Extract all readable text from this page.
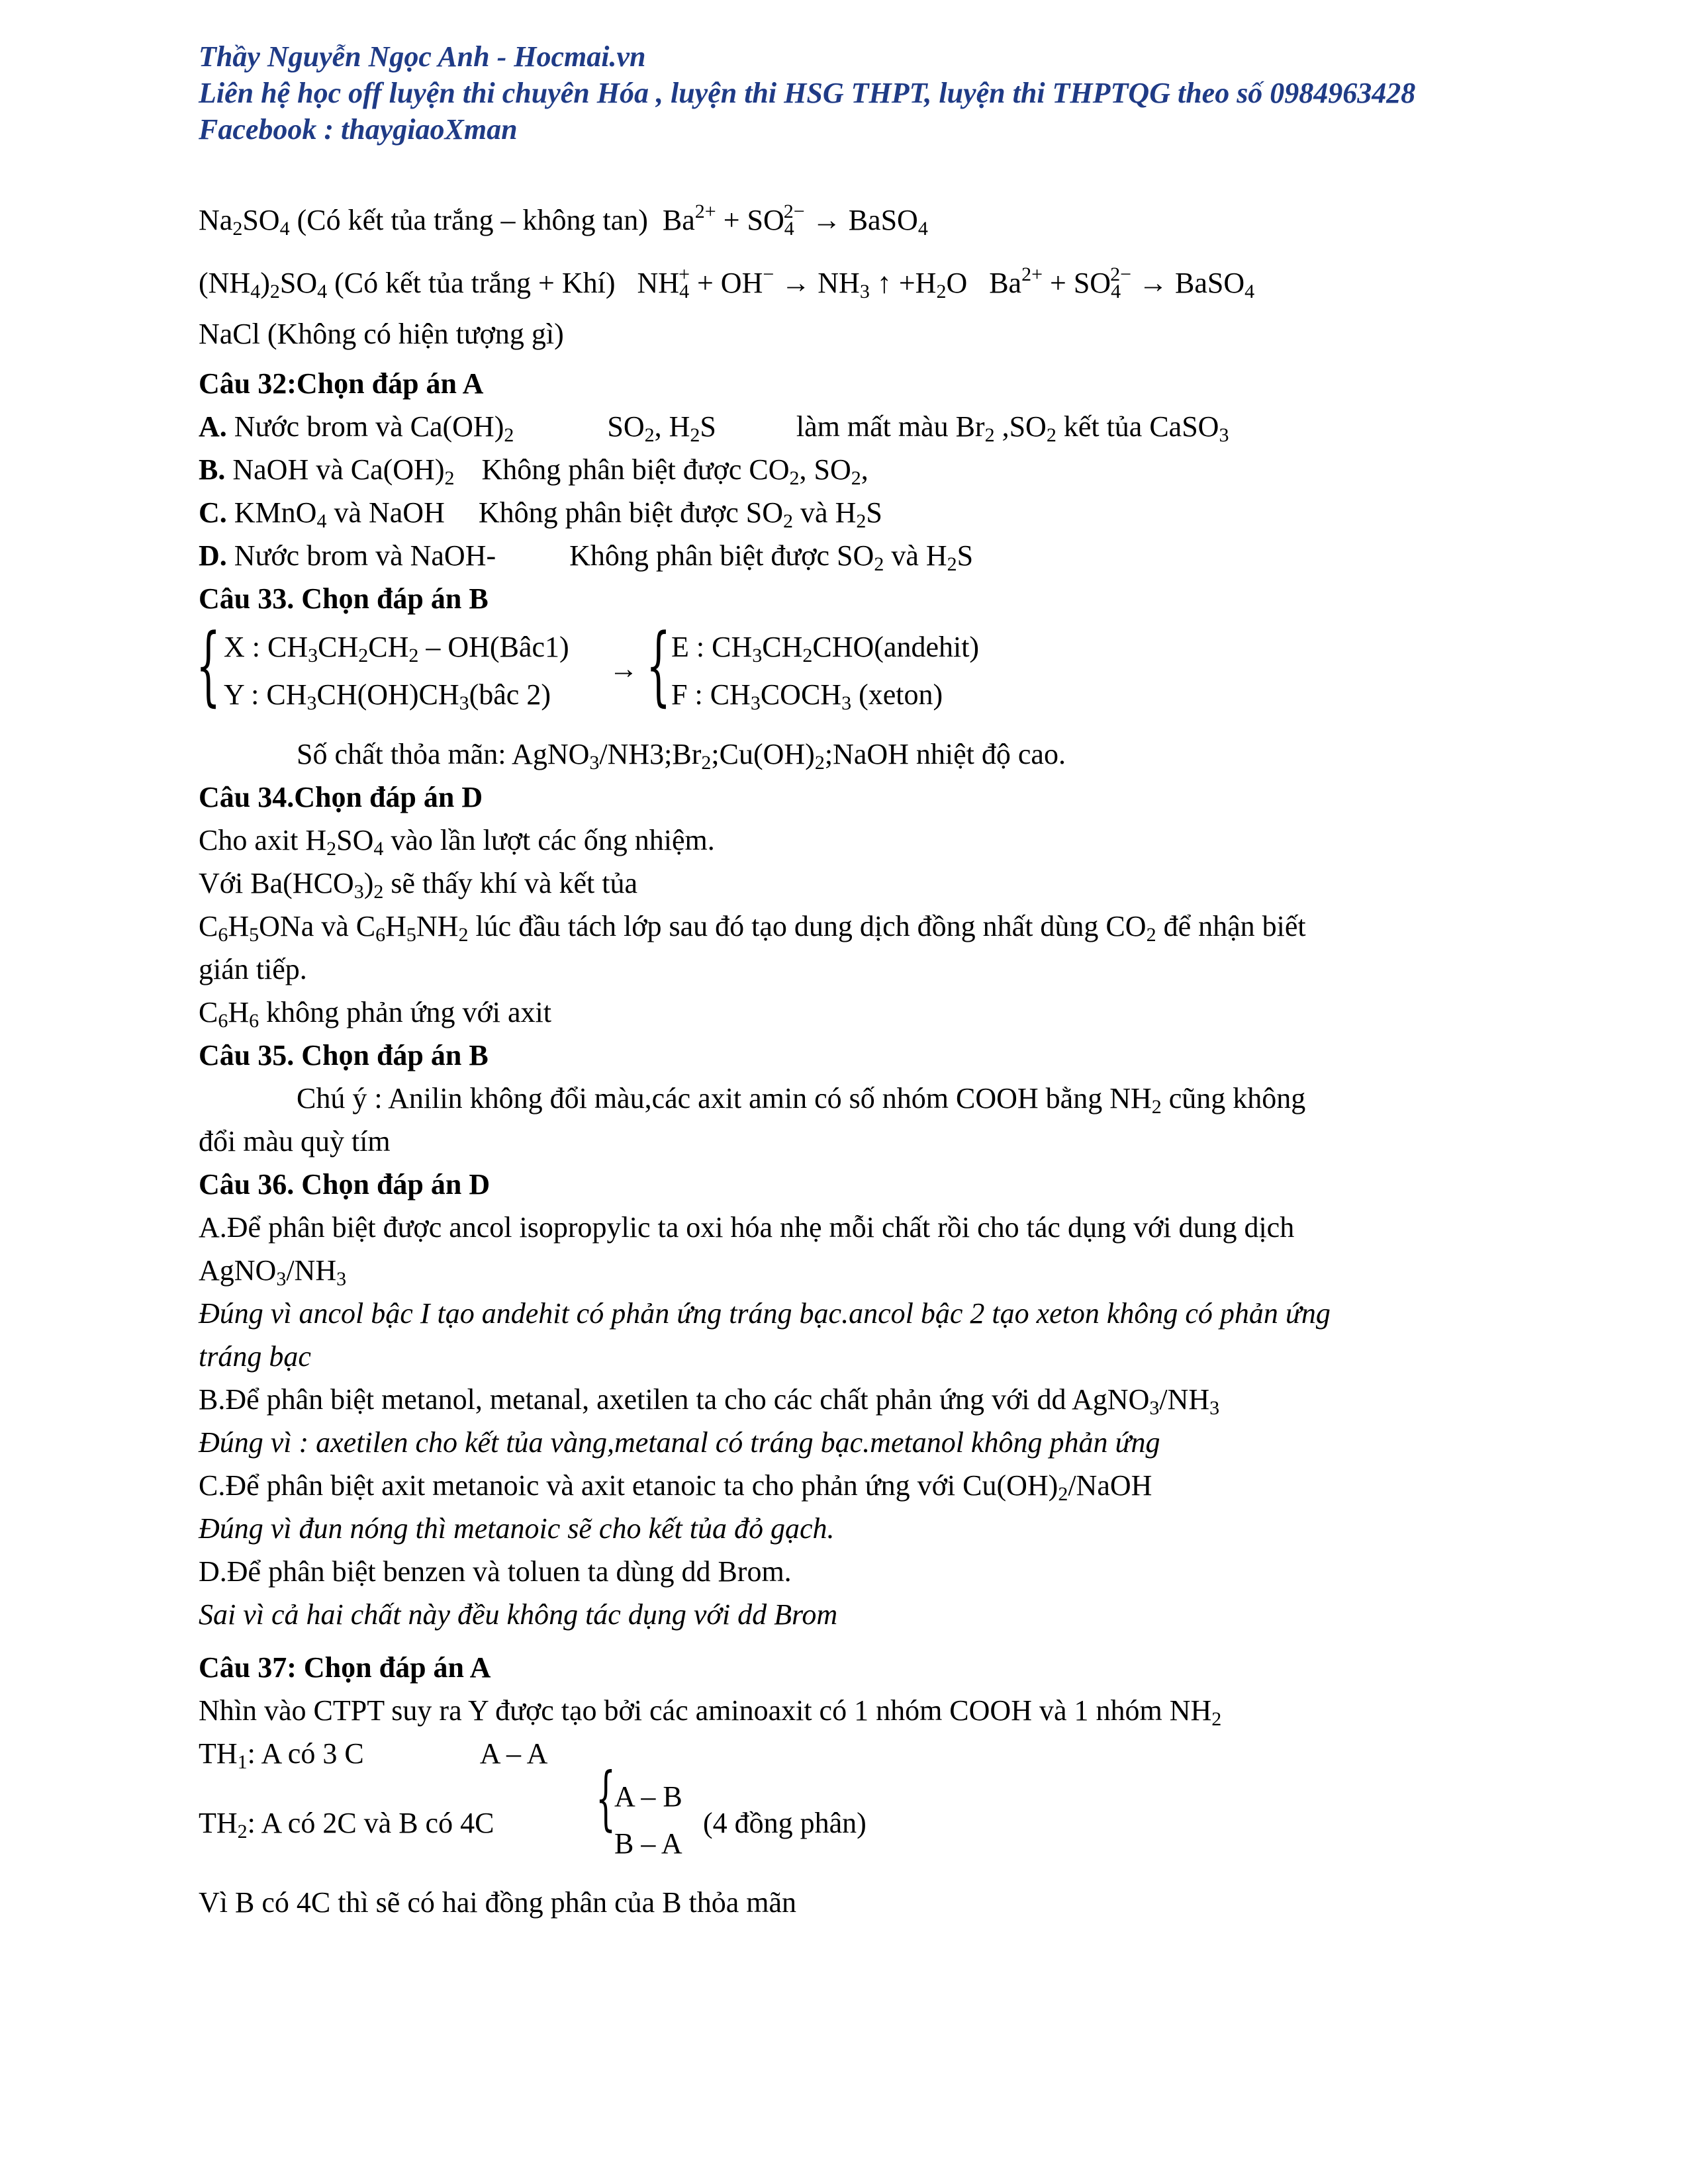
Thầy Nguyễn Ngọc Anh - Hocmai.vn
Liên hệ học off luyện thi chuyên Hóa , luyện thi HSG THPT, luyện thi THPTQG theo số 0984963428
Facebook : thaygiaoXman
$Na_2SO_4$ (Có kết tủa trắng – không tan)  $Ba^{2+} + SO_4^{2-}$ → BaSO$_4$
$(NH_4)_2SO_4$ (Có kết tủa trắng + Khí)   $NH_4^+ + OH^- \to NH_3$ ↑ $+H_2O$   $Ba^{2+} + SO_4^{2-}$ → BaSO$_4$
NaCl (Không có hiện tượng gì)
Câu 32:Chọn đáp án A
A. Nước brom và $Ca(OH)_2$	$SO_2$, $H_2S$	làm mất màu $Br_2$ $,SO_2$ kết tủa CaSO$_3$
B. NaOH và $Ca(OH)_2$ Không phân biệt được $CO_2$, $SO_2$,
C. KMnO$_4$ và NaOH Không phân biệt được $SO_2$ và $H_2S$
D. Nước brom và NaOH-	Không phân biệt được $SO_2$ và $H_2S$
Câu 33. Chọn đáp án B
{ X : $CH_3CH_2CH_2$ – OH(Bâc1)
Y : $CH_3CH(OH)CH_3(bâc$ 2)
→ { E : $CH_3CH_2CHO(andehit)$
F : $CH_3COCH_3$ (xeton)
Số chất thỏa mãn: $AgNO_3/NH3;Br_2;Cu(OH)_2;NaOH$ nhiệt độ cao.
Câu 34.Chọn đáp án D
Cho axit $H_2SO_4$ vào lần lượt các ống nhiệm.
Với $Ba(HCO_3)_2$ sẽ thấy khí và kết tủa
$C_6H_5ONa$ và $C_6H_5NH_2$ lúc đầu tách lớp sau đó tạo dung dịch đồng nhất dùng $CO_2$ để nhận biết
gián tiếp.
$C_6H_6$ không phản ứng với axit
Câu 35. Chọn đáp án B
Chú ý : Anilin không đổi màu,các axit amin có số nhóm COOH bằng $NH_2$ cũng không
đổi màu quỳ tím
Câu 36. Chọn đáp án D
A.Để phân biệt được ancol isopropylic ta oxi hóa nhẹ mỗi chất rồi cho tác dụng với dung dịch
$AgNO_3/NH_3$
Đúng vì ancol bậc I tạo andehit có phản ứng tráng bạc.ancol bậc 2 tạo xeton không có phản ứng
tráng bạc
B.Để phân biệt metanol, metanal, axetilen ta cho các chất phản ứng với dd $AgNO_3/NH_3$
Đúng vì : axetilen cho kết tủa vàng,metanal có tráng bạc.metanol không phản ứng
C.Để phân biệt axit metanoic và axit etanoic ta cho phản ứng với $Cu(OH)_2$/NaOH
Đúng vì đun nóng thì metanoic sẽ cho kết tủa đỏ gạch.
D.Để phân biệt benzen và toluen ta dùng dd Brom.
Sai vì cả hai chất này đều không tác dụng với dd Brom
Câu 37: Chọn đáp án A
Nhìn vào CTPT suy ra Y được tạo bởi các aminoaxit có 1 nhóm COOH và 1 nhóm $NH_2$
$TH_1$: A có 3 C	A – A
$TH_2$: A có 2C và B có 4C {
A – B
B – A
(4 đồng phân)
Vì B có 4C thì sẽ có hai đồng phân của B thỏa mãn
